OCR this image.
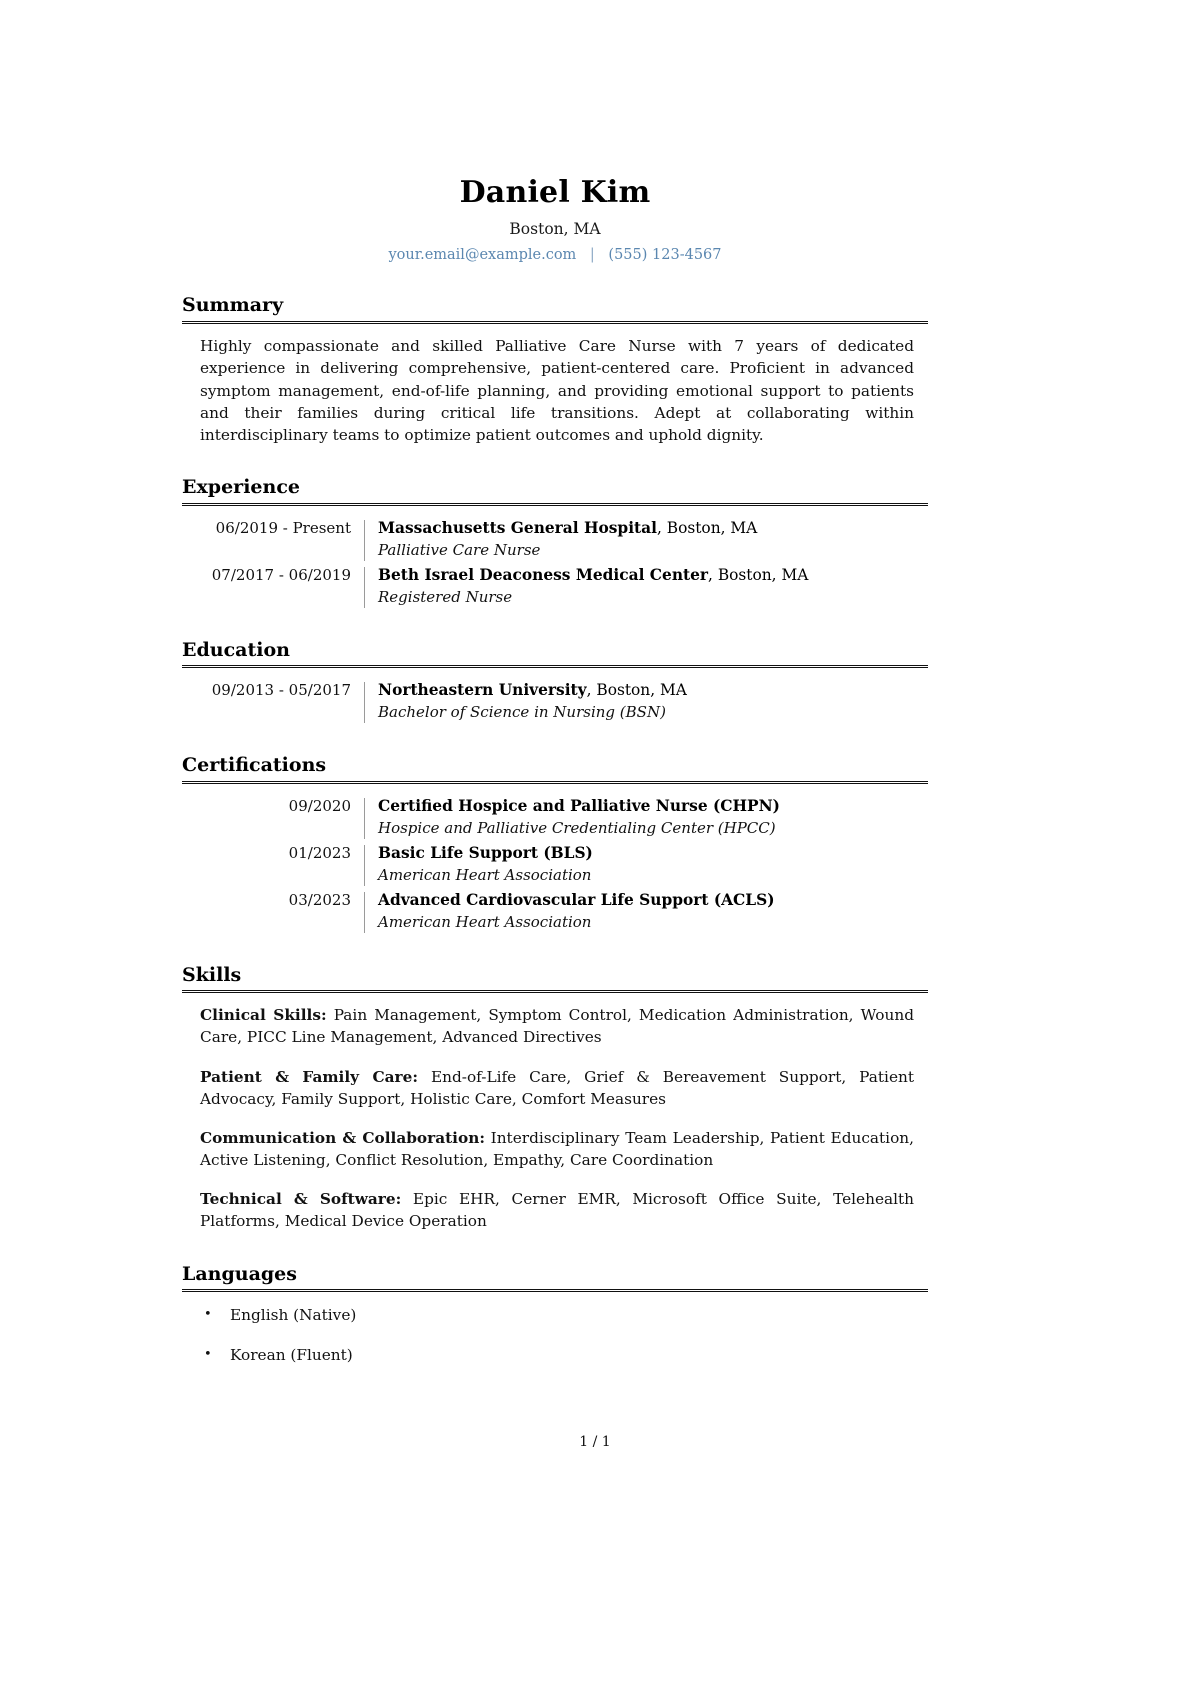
Daniel Kim
Boston, MA
your.email@example.com | (555) 123-4567
Summary
Highly compassionate and skilled Palliative Care Nurse with 7 years of dedicated experience in delivering comprehensive, patient-centered care. Proficient in advanced symptom management, end-of-life planning, and providing emotional support to patients and their families during critical life transitions. Adept at collaborating within interdisciplinary teams to optimize patient outcomes and uphold dignity.
Experience
06/2019 - Present	Massachusetts General Hospital, Boston, MA
Palliative Care Nurse
07/2017 - 06/2019	Beth Israel Deaconess Medical Center, Boston, MA
Registered Nurse
Education
09/2013 - 05/2017	Northeastern University, Boston, MA
Bachelor of Science in Nursing (BSN)
Certifications
09/2020	Certified Hospice and Palliative Nurse (CHPN)
Hospice and Palliative Credentialing Center (HPCC)
01/2023	Basic Life Support (BLS)
American Heart Association
03/2023	Advanced Cardiovascular Life Support (ACLS)
American Heart Association
Skills
Clinical Skills: Pain Management, Symptom Control, Medication Administration, Wound Care, PICC Line Management, Advanced Directives
Patient & Family Care: End-of-Life Care, Grief & Bereavement Support, Patient Advocacy, Family Support, Holistic Care, Comfort Measures
Communication & Collaboration: Interdisciplinary Team Leadership, Patient Education, Active Listening, Conflict Resolution, Empathy, Care Coordination
Technical & Software: Epic EHR, Cerner EMR, Microsoft Office Suite, Telehealth Platforms, Medical Device Operation
Languages
• English (Native)
• Korean (Fluent)
1 / 1
